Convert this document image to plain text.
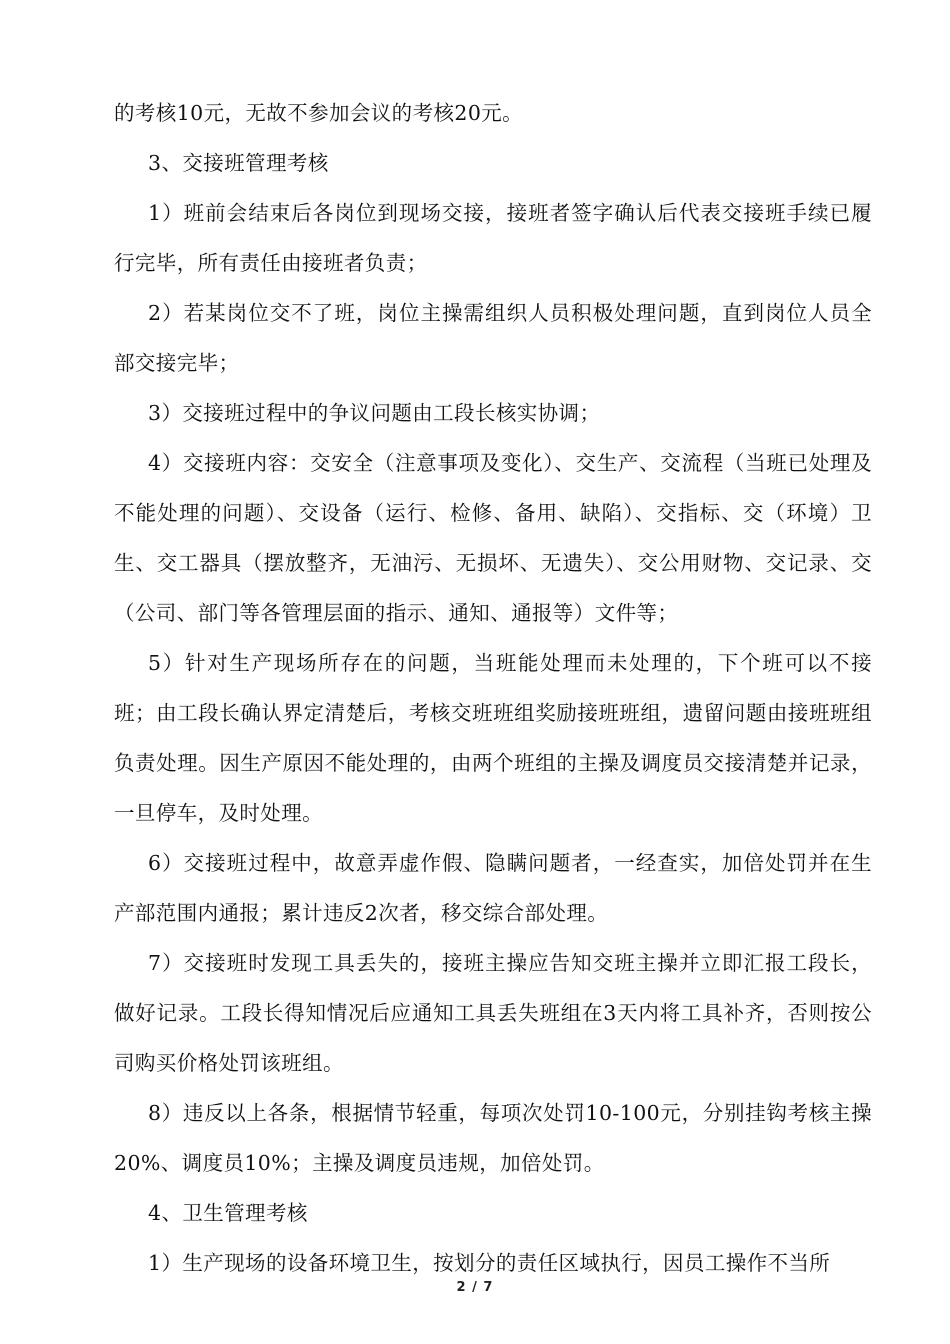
的考核10元，无故不参加会议的考核20元。

3、交接班管理考核

1）班前会结束后各岗位到现场交接，接班者签字确认后代表交接班手续已履行完毕，所有责任由接班者负责；

2）若某岗位交不了班，岗位主操需组织人员积极处理问题，直到岗位人员全部交接完毕；

3）交接班过程中的争议问题由工段长核实协调；

4）交接班内容：交安全（注意事项及变化）、交生产、交流程（当班已处理及不能处理的问题）、交设备（运行、检修、备用、缺陷）、交指标、交（环境）卫生、交工器具（摆放整齐，无油污、无损坏、无遗失）、交公用财物、交记录、交（公司、部门等各管理层面的指示、通知、通报等）文件等；

5）针对生产现场所存在的问题，当班能处理而未处理的，下个班可以不接班；由工段长确认界定清楚后，考核交班班组奖励接班班组，遗留问题由接班班组负责处理。因生产原因不能处理的，由两个班组的主操及调度员交接清楚并记录，一旦停车，及时处理。

6）交接班过程中，故意弄虚作假、隐瞒问题者，一经查实，加倍处罚并在生产部范围内通报；累计违反2次者，移交综合部处理。

7）交接班时发现工具丢失的，接班主操应告知交班主操并立即汇报工段长，做好记录。工段长得知情况后应通知工具丢失班组在3天内将工具补齐，否则按公司购买价格处罚该班组。

8）违反以上各条，根据情节轻重，每项次处罚10-100元，分别挂钩考核主操20%、调度员10%；主操及调度员违规，加倍处罚。

4、卫生管理考核

1）生产现场的设备环境卫生，按划分的责任区域执行，因员工操作不当所

2 / 7
